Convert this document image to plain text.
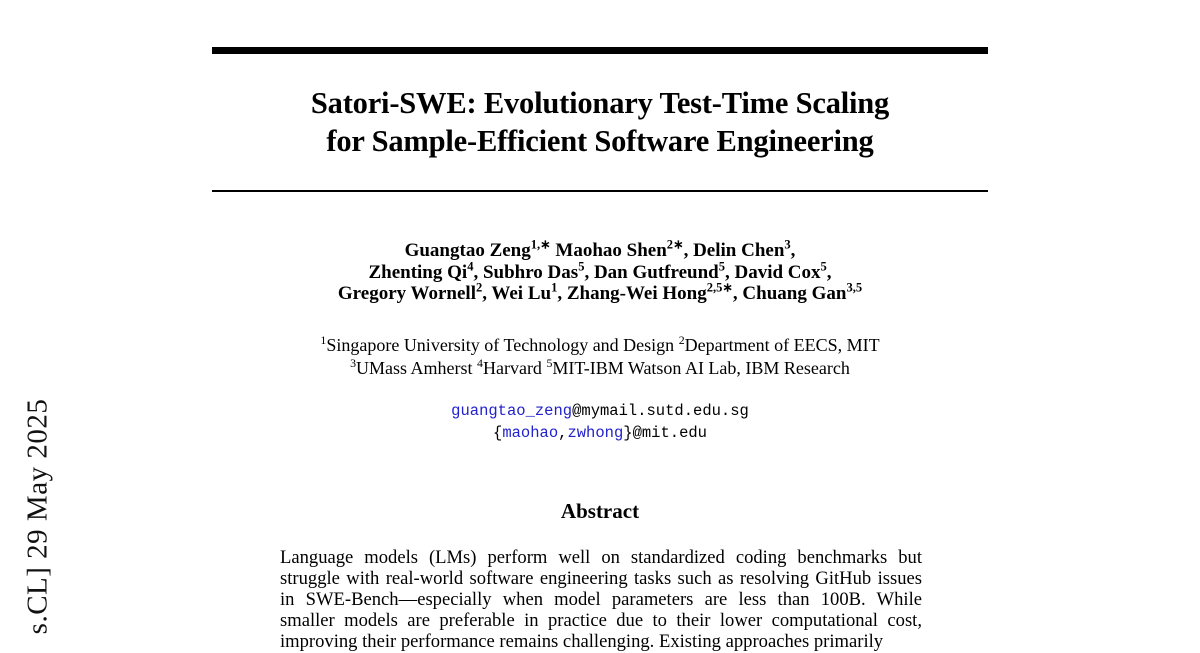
s.CL] 29 May 2025
Satori-SWE: Evolutionary Test-Time Scaling
for Sample-Efficient Software Engineering
Guangtao Zeng$^{1,∗}$ Maohao Shen$^{2∗}$, Delin Chen$^3$,
Zhenting Qi$^4$, Subhro Das$^5$, Dan Gutfreund$^5$, David Cox$^5$,
Gregory Wornell$^2$, Wei Lu$^1$, Zhang-Wei Hong$^{2,5∗}$, Chuang Gan$^{3,5}$
$^1$Singapore University of Technology and Design $^2$Department of EECS, MIT
$^3$UMass Amherst $^4$Harvard $^5$MIT-IBM Watson AI Lab, IBM Research
guangtao_zeng@mymail.sutd.edu.sg
{maohao,zwhong}@mit.edu
Abstract

Language models (LMs) perform well on standardized coding benchmarks but struggle with real-world software engineering tasks such as resolving GitHub issues in SWE-Bench—especially when model parameters are less than 100B. While smaller models are preferable in practice due to their lower computational cost, improving their performance remains challenging. Existing approaches primarily
